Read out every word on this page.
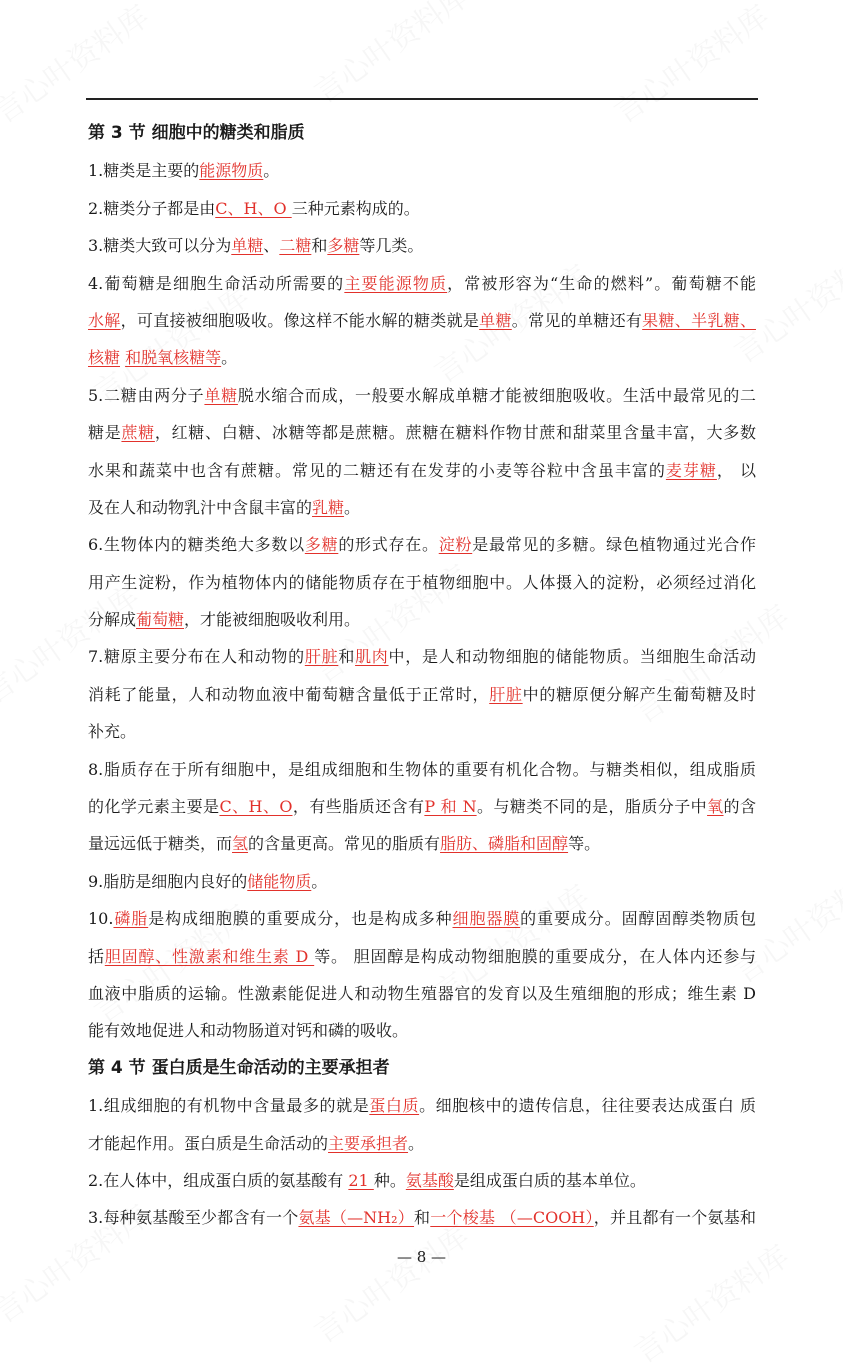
第 3 节 细胞中的糖类和脂质
1.糖类是主要的能源物质。
2.糖类分子都是由C、H、O 三种元素构成的。
3.糖类大致可以分为单糖、二糖和多糖等几类。
4.葡萄糖是细胞生命活动所需要的主要能源物质，常被形容为“生命的燃料”。葡萄糖不能
水解，可直接被细胞吸收。像这样不能水解的糖类就是单糖。常见的单糖还有果糖、半乳糖、
核糖 和脱氧核糖等。
5.二糖由两分子单糖脱水缩合而成，一般要水解成单糖才能被细胞吸收。生活中最常见的二
糖是蔗糖，红糖、白糖、冰糖等都是蔗糖。蔗糖在糖料作物甘蔗和甜菜里含量丰富，大多数
水果和蔬菜中也含有蔗糖。常见的二糖还有在发芽的小麦等谷粒中含虽丰富的麦芽糖， 以
及在人和动物乳汁中含鼠丰富的乳糖。
6.生物体内的糖类绝大多数以多糖的形式存在。淀粉是最常见的多糖。绿色植物通过光合作
用产生淀粉，作为植物体内的储能物质存在于植物细胞中。人体摄入的淀粉，必须经过消化
分解成葡萄糖，才能被细胞吸收利用。
7.糖原主要分布在人和动物的肝脏和肌肉中，是人和动物细胞的储能物质。当细胞生命活动
消耗了能量，人和动物血液中葡萄糖含量低于正常时，肝脏中的糖原便分解产生葡萄糖及时
补充。
8.脂质存在于所有细胞中，是组成细胞和生物体的重要有机化合物。与糖类相似，组成脂质
的化学元素主要是C、H、O，有些脂质还含有P 和 N。与糖类不同的是，脂质分子中氧的含
量远远低于糖类，而氢的含量更高。常见的脂质有脂肪、磷脂和固醇等。
9.脂肪是细胞内良好的储能物质。
10.磷脂是构成细胞膜的重要成分，也是构成多种细胞器膜的重要成分。固醇固醇类物质包
括胆固醇、性激素和维生素 D 等。 胆固醇是构成动物细胞膜的重要成分，在人体内还参与
血液中脂质的运输。性激素能促进人和动物生殖器官的发育以及生殖细胞的形成；维生素 D
能有效地促进人和动物肠道对钙和磷的吸收。
第 4 节 蛋白质是生命活动的主要承担者
1.组成细胞的有机物中含量最多的就是蛋白质。细胞核中的遗传信息，往往要表达成蛋白 质
才能起作用。蛋白质是生命活动的主要承担者。
2.在人体中，组成蛋白质的氨基酸有 21 种。氨基酸是组成蛋白质的基本单位。
3.每种氨基酸至少都含有一个氨基（—NH₂）和一个梭基 （—COOH），并且都有一个氨基和
— 8 —
